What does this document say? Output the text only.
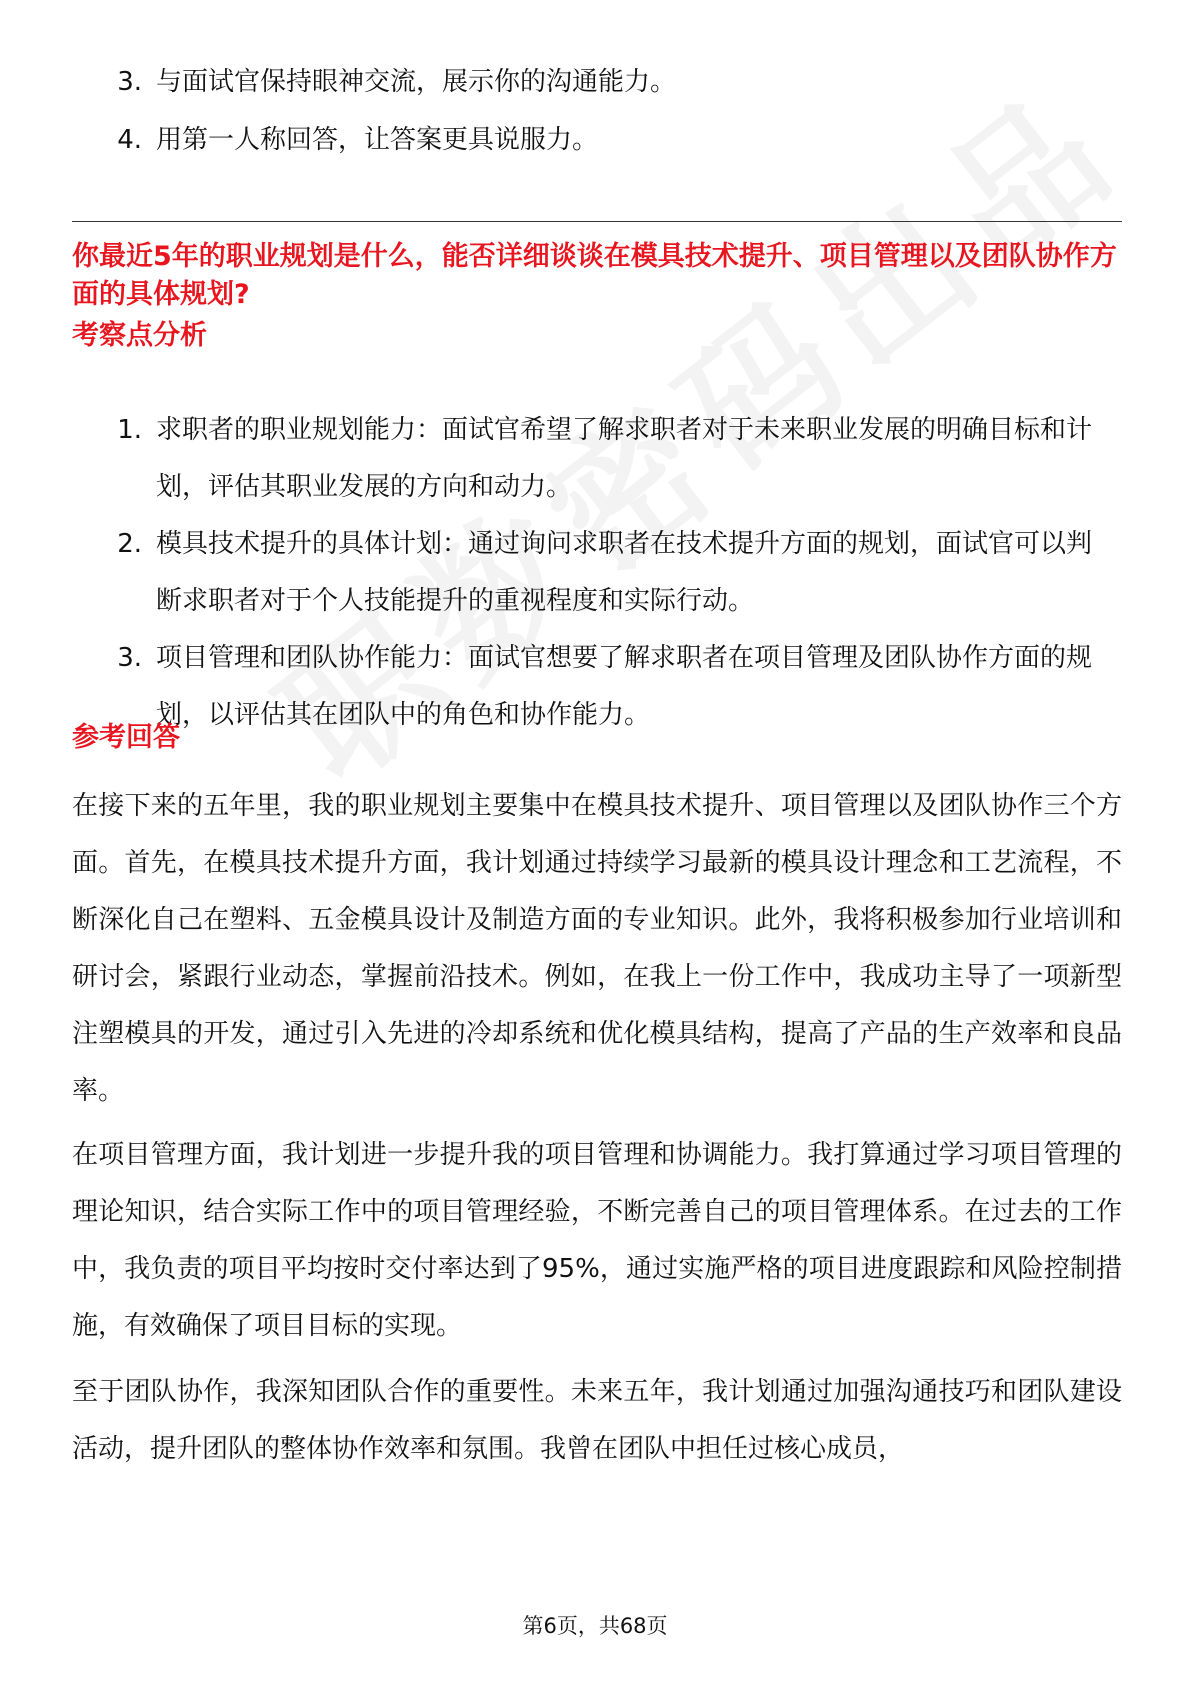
3. 与面试官保持眼神交流，展示你的沟通能力。
4. 用第一人称回答，让答案更具说服力。
你最近5年的职业规划是什么，能否详细谈谈在模具技术提升、项目管理以及团队协作方面的具体规划?
考察点分析
1. 求职者的职业规划能力：面试官希望了解求职者对于未来职业发展的明确目标和计划，评估其职业发展的方向和动力。
2. 模具技术提升的具体计划：通过询问求职者在技术提升方面的规划，面试官可以判断求职者对于个人技能提升的重视程度和实际行动。
3. 项目管理和团队协作能力：面试官想要了解求职者在项目管理及团队协作方面的规划，以评估其在团队中的角色和协作能力。
参考回答

在接下来的五年里，我的职业规划主要集中在模具技术提升、项目管理以及团队协作三个方面。首先，在模具技术提升方面，我计划通过持续学习最新的模具设计理念和工艺流程，不断深化自己在塑料、五金模具设计及制造方面的专业知识。此外，我将积极参加行业培训和研讨会，紧跟行业动态，掌握前沿技术。例如，在我上一份工作中，我成功主导了一项新型注塑模具的开发，通过引入先进的冷却系统和优化模具结构，提高了产品的生产效率和良品率。

在项目管理方面，我计划进一步提升我的项目管理和协调能力。我打算通过学习项目管理的理论知识，结合实际工作中的项目管理经验，不断完善自己的项目管理体系。在过去的工作中，我负责的项目平均按时交付率达到了95%，通过实施严格的项目进度跟踪和风险控制措施，有效确保了项目目标的实现。

至于团队协作，我深知团队合作的重要性。未来五年，我计划通过加强沟通技巧和团队建设活动，提升团队的整体协作效率和氛围。我曾在团队中担任过核心成员，

第6页，共68页
